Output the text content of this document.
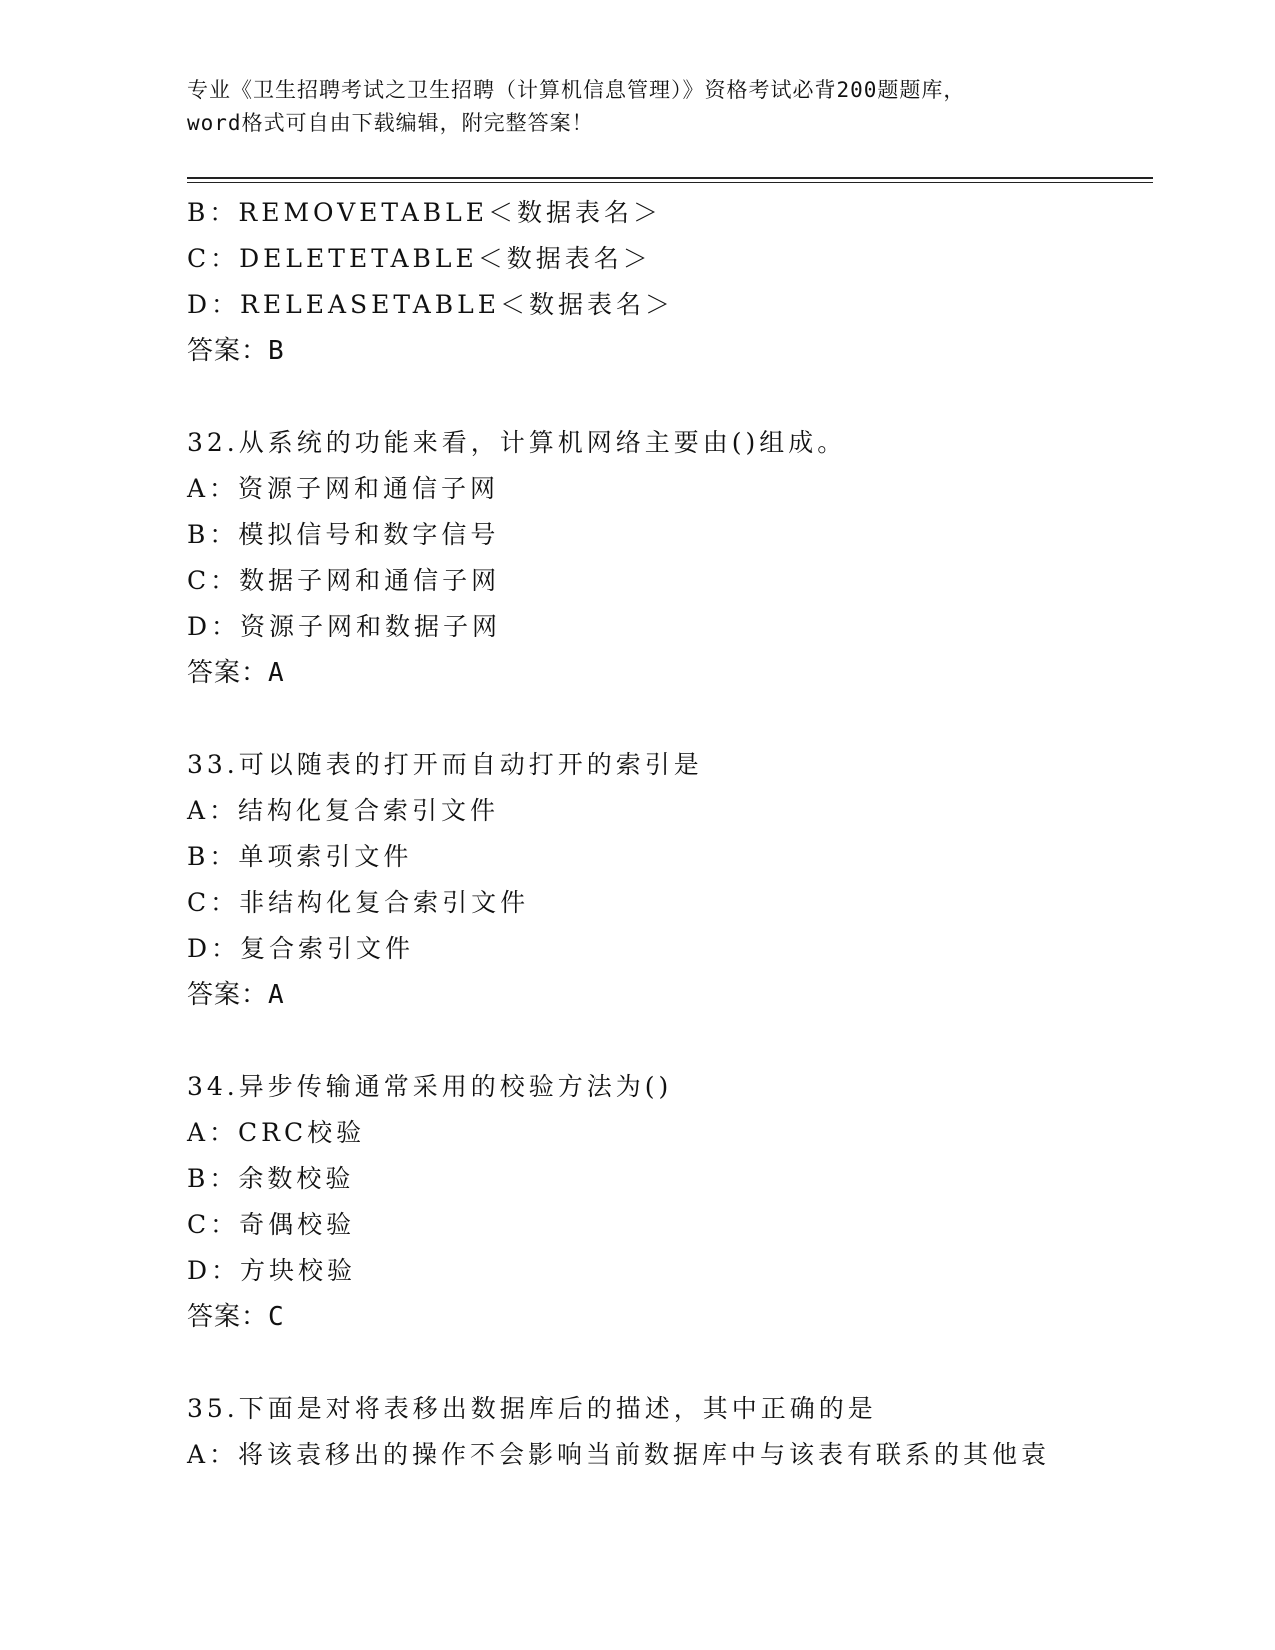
专业《卫生招聘考试之卫生招聘（计算机信息管理）》资格考试必背200题题库，
word格式可自由下载编辑，附完整答案！
B：REMOVETABLE＜数据表名＞
C：DELETETABLE＜数据表名＞
D：RELEASETABLE＜数据表名＞
答案：B
32.从系统的功能来看，计算机网络主要由()组成。
A：资源子网和通信子网
B：模拟信号和数字信号
C：数据子网和通信子网
D：资源子网和数据子网
答案：A
33.可以随表的打开而自动打开的索引是
A：结构化复合索引文件
B：单项索引文件
C：非结构化复合索引文件
D：复合索引文件
答案：A
34.异步传输通常采用的校验方法为()
A：CRC校验
B：余数校验
C：奇偶校验
D：方块校验
答案：C
35.下面是对将表移出数据库后的描述，其中正确的是
A：将该袁移出的操作不会影响当前数据库中与该表有联系的其他袁
